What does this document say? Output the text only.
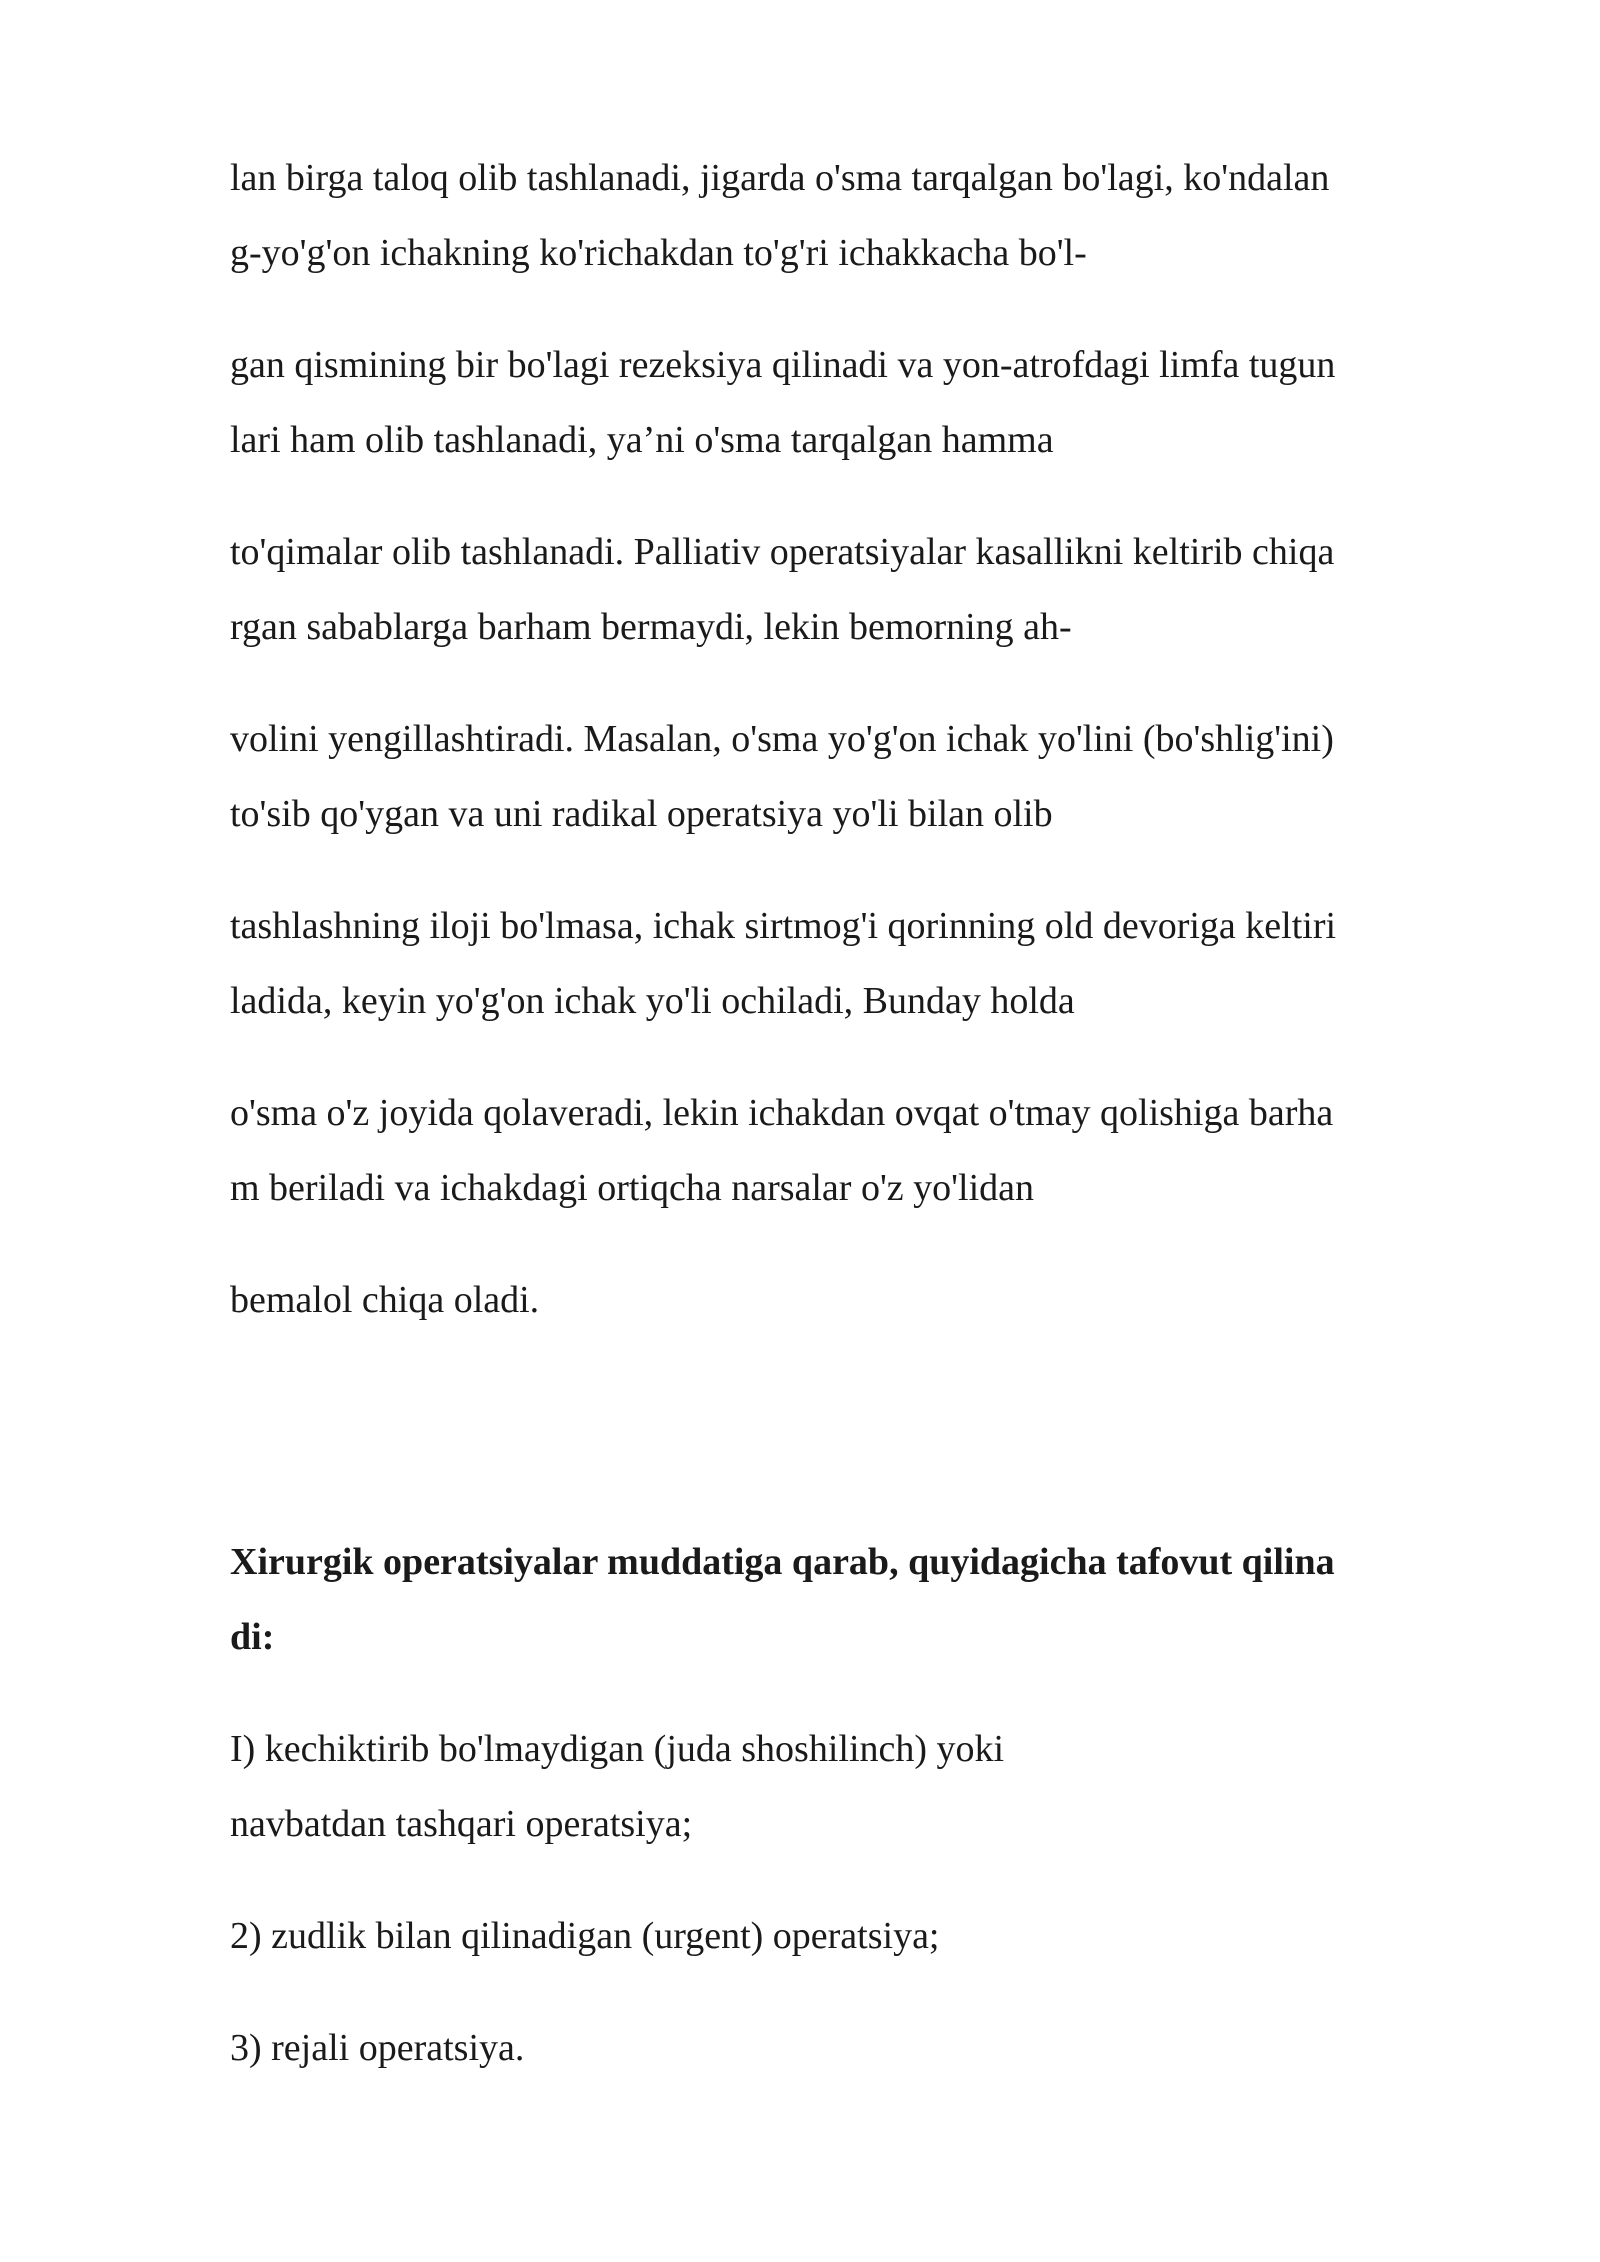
lan birga taloq olib tashlanadi, jigarda o'sma tarqalgan bo'lagi, ko'ndalan
g-yo'g'on ichakning ko'richakdan to'g'ri ichakkacha bo'l-
gan qismining bir bo'lagi rezeksiya qilinadi va yon-atrofdagi limfa tugun
lari ham olib tashlanadi, ya’ni o'sma tarqalgan hamma
to'qimalar olib tashlanadi. Palliativ operatsiyalar kasallikni keltirib chiqa
rgan sabablarga barham bermaydi, lekin bemorning ah-
volini yengillashtiradi. Masalan, o'sma yo'g'on ichak yo'lini (bo'shlig'ini)
to'sib qo'ygan va uni radikal operatsiya yo'li bilan olib
tashlashning iloji bo'lmasa, ichak sirtmog'i qorinning old devoriga keltiri
ladida, keyin yo'g'on ichak yo'li ochiladi, Bunday holda
o'sma o'z joyida qolaveradi, lekin ichakdan ovqat o'tmay qolishiga barha
m beriladi va ichakdagi ortiqcha narsalar o'z yo'lidan
bemalol chiqa oladi.
Xirurgik operatsiyalar muddatiga qarab, quyidagicha tafovut qilina
di:
I) kechiktirib bo'lmaydigan (juda shoshilinch) yoki
navbatdan tashqari operatsiya;
2) zudlik bilan qilinadigan (urgent) operatsiya;
3) rejali operatsiya.
